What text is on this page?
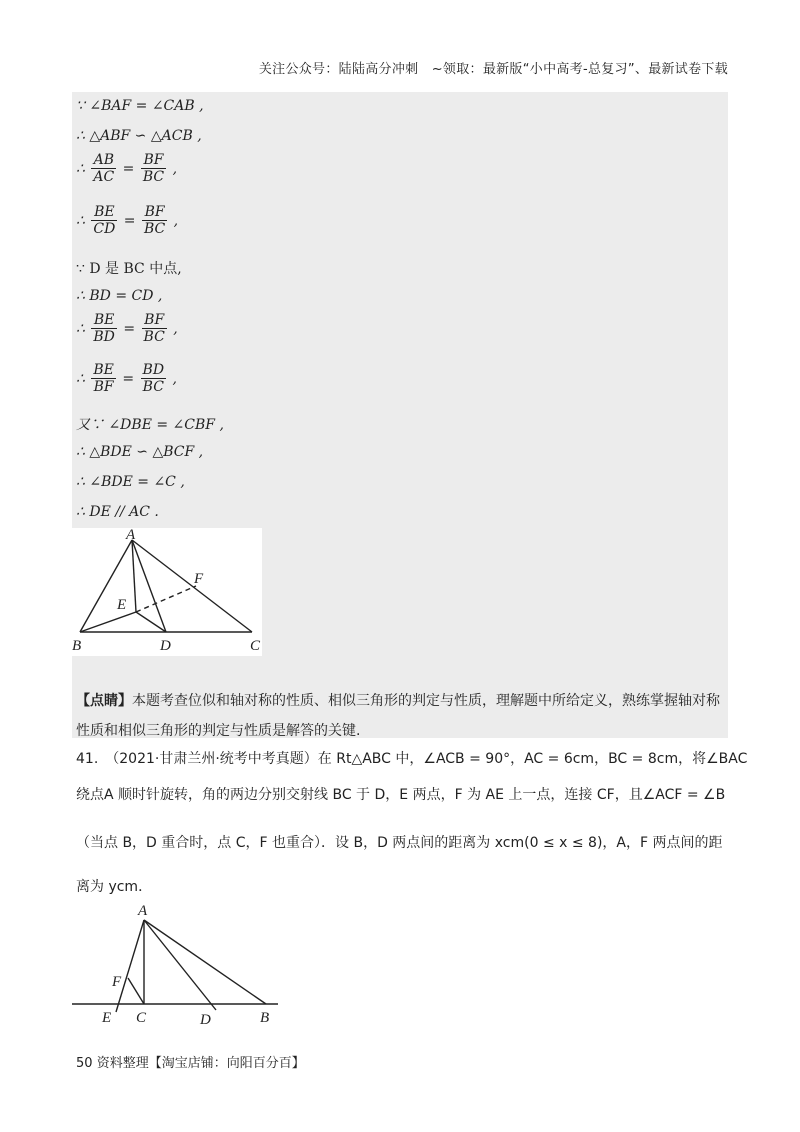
关注公众号：陆陆高分冲刺　~领取：最新版“小中高考-总复习”、最新试卷下载
∵ ∠BAF = ∠CAB ,
∴ △ABF ∽ △ACB ,
∴ $\frac{AB}{AC} = \frac{BF}{BC}$ ,
∴ $\frac{BE}{CD} = \frac{BF}{BC}$ ,
∵ D 是 BC 中点,
∴ BD = CD ,
∴ $\frac{BE}{BD} = \frac{BF}{BC}$ ,
∴ $\frac{BE}{BF} = \frac{BD}{BC}$ ,
又∵ ∠DBE = ∠CBF ,
∴ △BDE ∽ △BCF ,
∴ ∠BDE = ∠C ,
∴ DE // AC .
A
B	C
D
E
F
【点睛】本题考查位似和轴对称的性质、相似三角形的判定与性质，理解题中所给定义，熟练掌握轴对称性质和相似三角形的判定与性质是解答的关键.
41.　（2021·甘肃兰州·统考中考真题）在 Rt△ABC 中，∠ACB = 90°，AC = 6cm，BC = 8cm，将∠BAC
绕点A 顺时针旋转，角的两边分别交射线 BC 于 D，E 两点，F 为 AE 上一点，连接 CF，且∠ACF = ∠B
（当点 B，D 重合时，点 C，F 也重合）．设 B，D 两点间的距离为 xcm(0 ≤ x ≤ 8)，A，F 两点间的距
离为 ycm．
A
F
E C	D	B
50 资料整理【淘宝店铺：向阳百分百】
